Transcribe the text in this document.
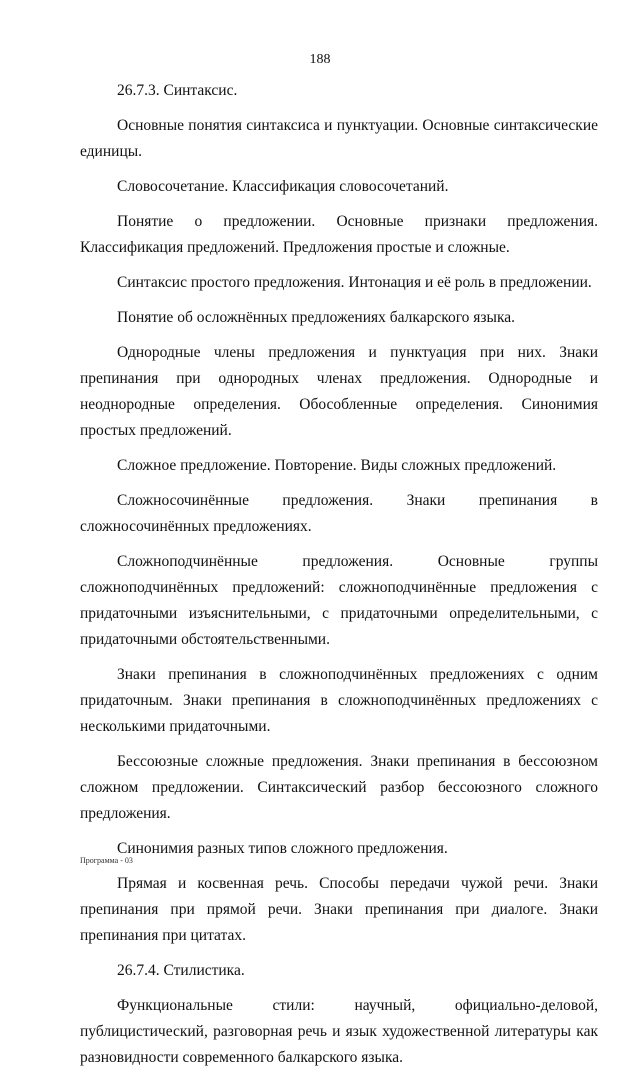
188

26.7.3. Синтаксис.

Основные понятия синтаксиса и пунктуации. Основные синтаксические единицы.

Словосочетание. Классификация словосочетаний.

Понятие о предложении. Основные признаки предложения. Классификация предложений. Предложения простые и сложные.

Синтаксис простого предложения. Интонация и её роль в предложении.

Понятие об осложнённых предложениях балкарского языка.

Однородные члены предложения и пунктуация при них. Знаки препинания при однородных членах предложения. Однородные и неоднородные определения. Обособленные определения. Синонимия простых предложений.

Сложное предложение. Повторение. Виды сложных предложений.

Сложносочинённые предложения. Знаки препинания в сложносочинённых предложениях.

Сложноподчинённые предложения. Основные группы сложноподчинённых предложений: сложноподчинённые предложения с придаточными изъяснительными, с придаточными определительными, с придаточными обстоятельственными.

Знаки препинания в сложноподчинённых предложениях с одним придаточным. Знаки препинания в сложноподчинённых предложениях с несколькими придаточными.

Бессоюзные сложные предложения. Знаки препинания в бессоюзном сложном предложении. Синтаксический разбор бессоюзного сложного предложения.

Синонимия разных типов сложного предложения.

Прямая и косвенная речь. Способы передачи чужой речи. Знаки препинания при прямой речи. Знаки препинания при диалоге. Знаки препинания при цитатах.

26.7.4. Стилистика.

Функциональные стили: научный, официально-деловой, публицистический, разговорная речь и язык художественной литературы как разновидности современного балкарского языка.

Программа - 03
